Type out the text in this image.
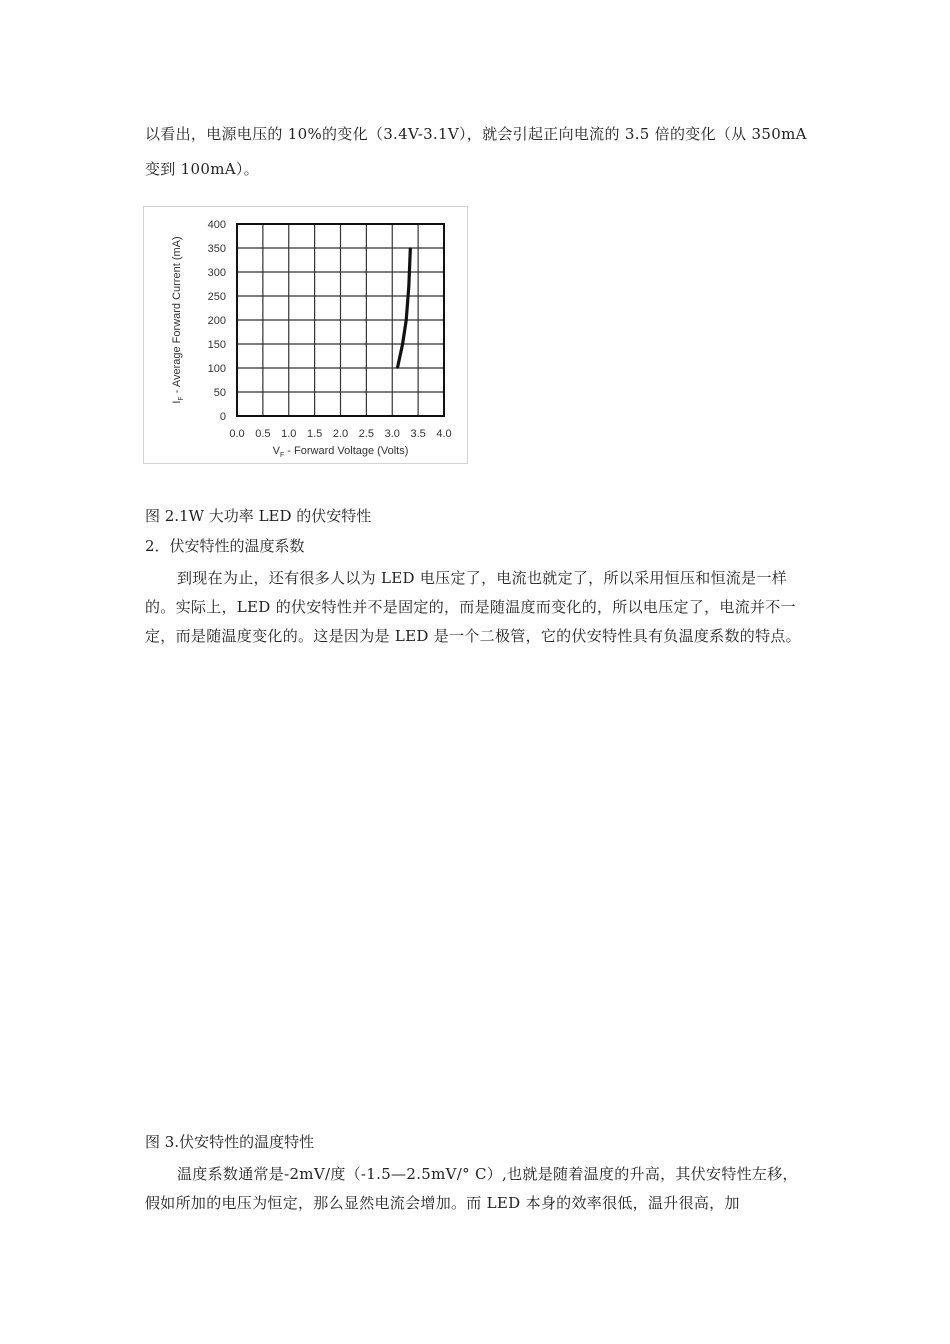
以看出，电源电压的 10%的变化（3.4V-3.1V），就会引起正向电流的 3.5 倍的变化（从 350mA

变到 100mA）。

400
350
300
250
200
150
100
50
0
0.0 0.5 1.0 1.5 2.0 2.5 3.0 3.5 4.0
$V_F$ - Forward Voltage (Volts)
$I_F$ - Average Forward Current (mA)

图 2.1W 大功率 LED 的伏安特性

2．伏安特性的温度系数

到现在为止，还有很多人以为 LED 电压定了，电流也就定了，所以采用恒压和恒流是一样的。实际上，LED 的伏安特性并不是固定的，而是随温度而变化的，所以电压定了，电流并不一定，而是随温度变化的。这是因为是 LED 是一个二极管，它的伏安特性具有负温度系数的特点。

图 3.伏安特性的温度特性

温度系数通常是-2mV/度（-1.5—2.5mV/° C）,也就是随着温度的升高，其伏安特性左移，假如所加的电压为恒定，那么显然电流会增加。而 LED 本身的效率很低，温升很高，加
